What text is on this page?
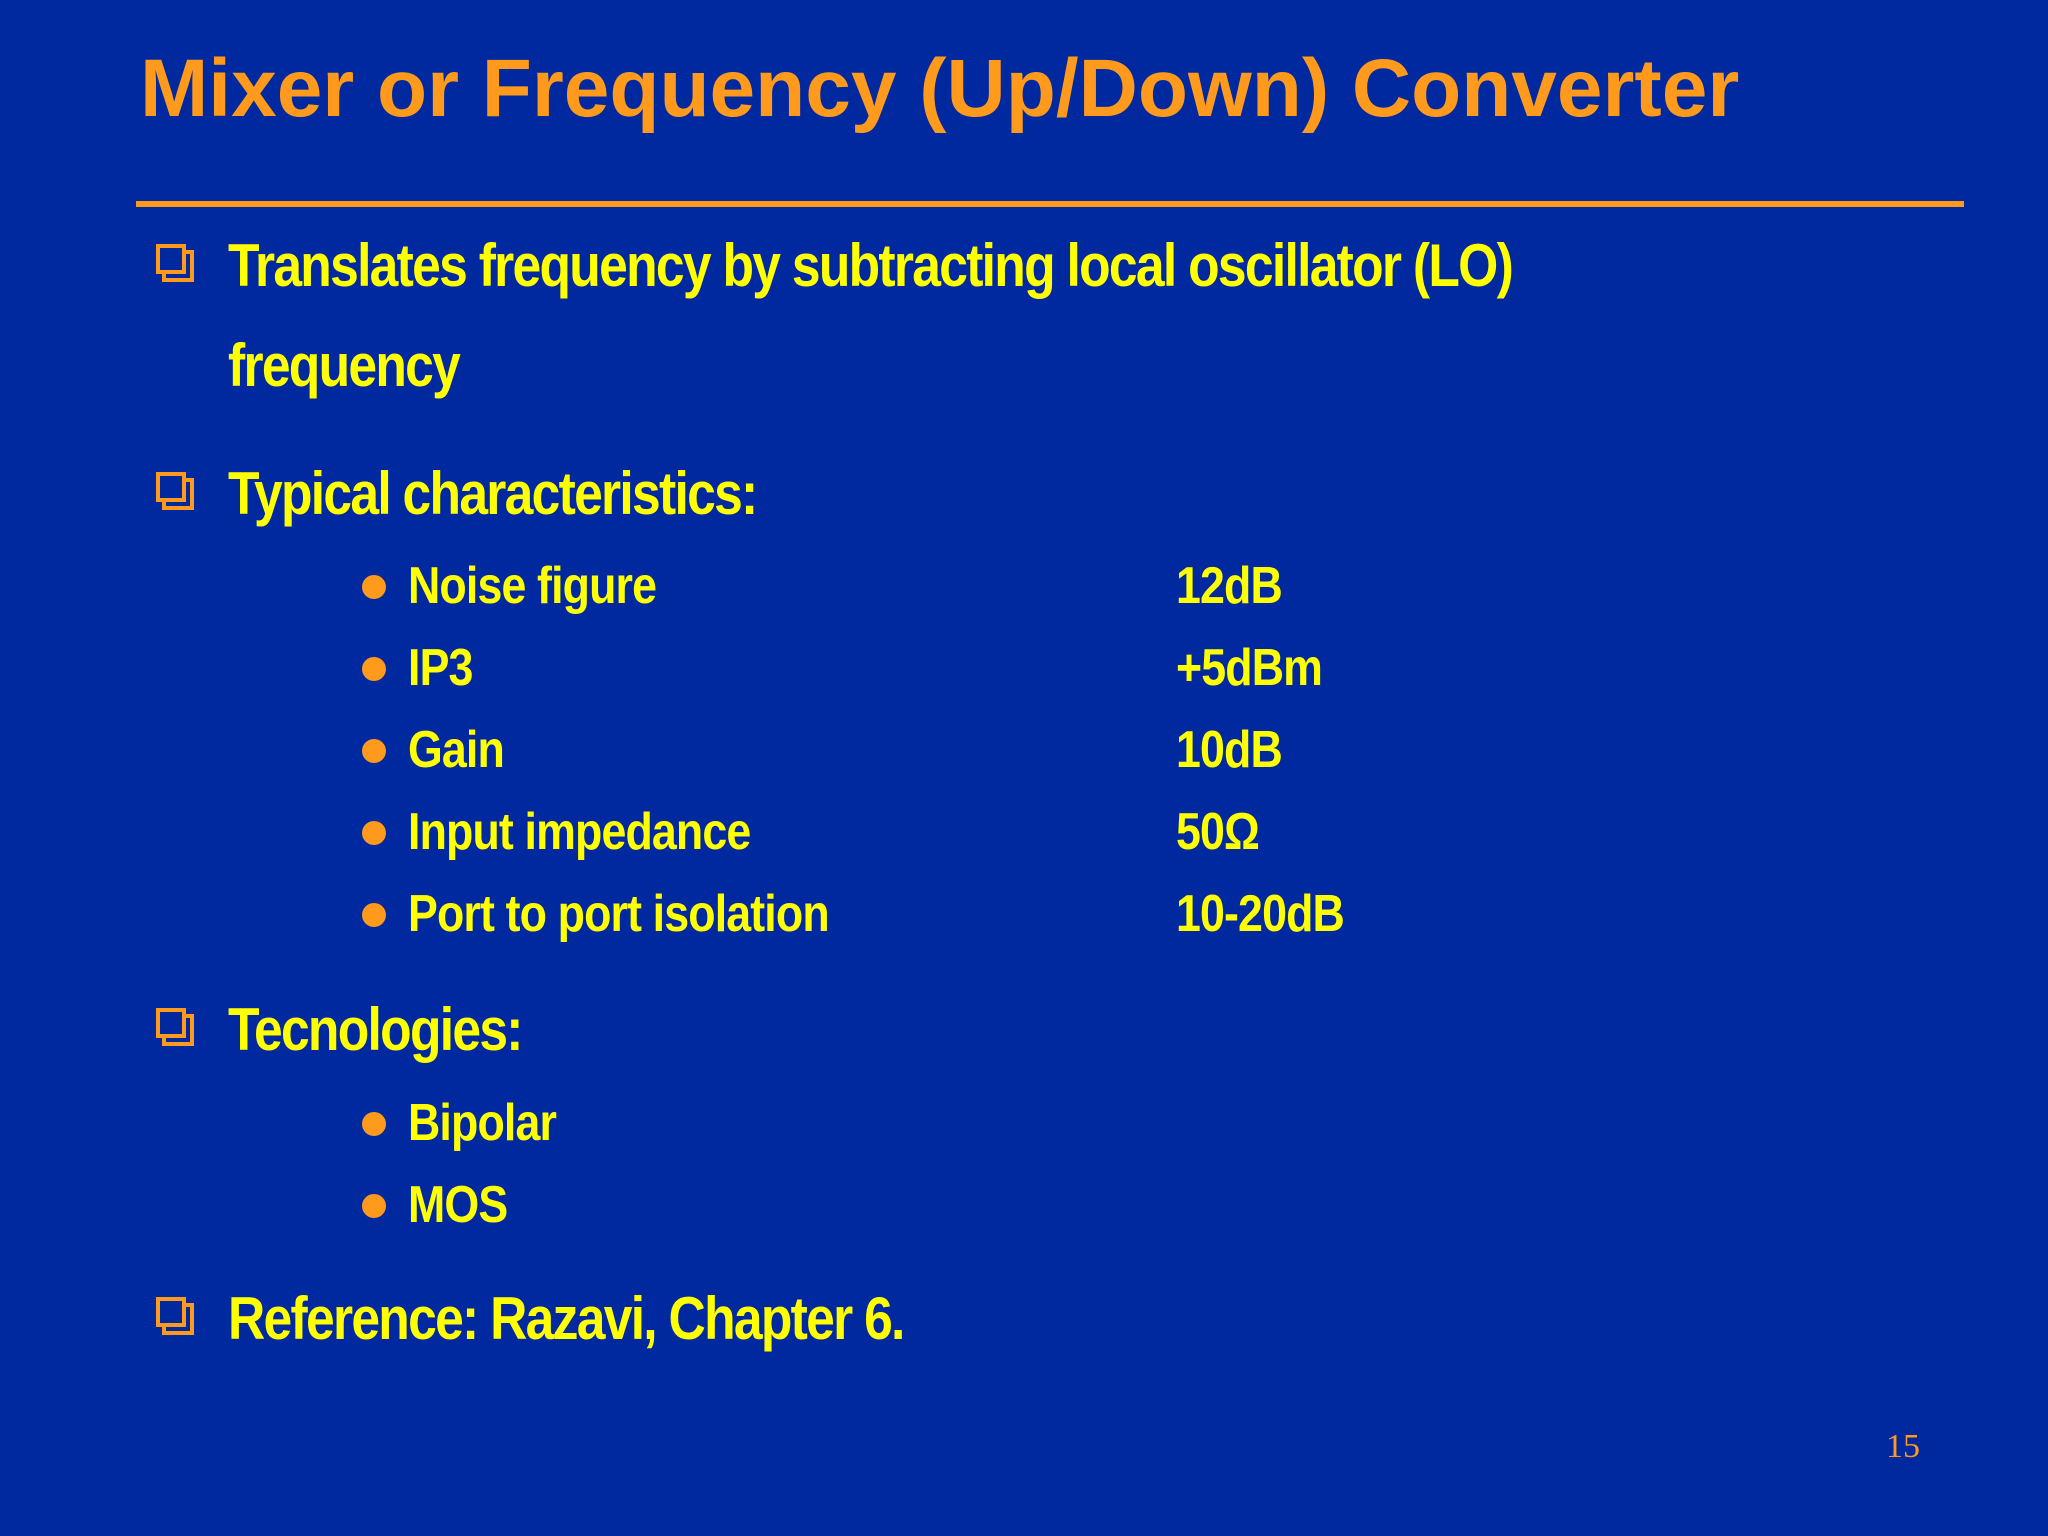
Mixer or Frequency (Up/Down) Converter
Translates frequency by subtracting local oscillator (LO)
frequency
Typical characteristics:
Noise figure	12dB
IP3	+5dBm
Gain	10dB
Input impedance	50Ω
Port to port isolation	10-20dB
Tecnologies:
Bipolar
MOS
Reference: Razavi, Chapter 6.
15
